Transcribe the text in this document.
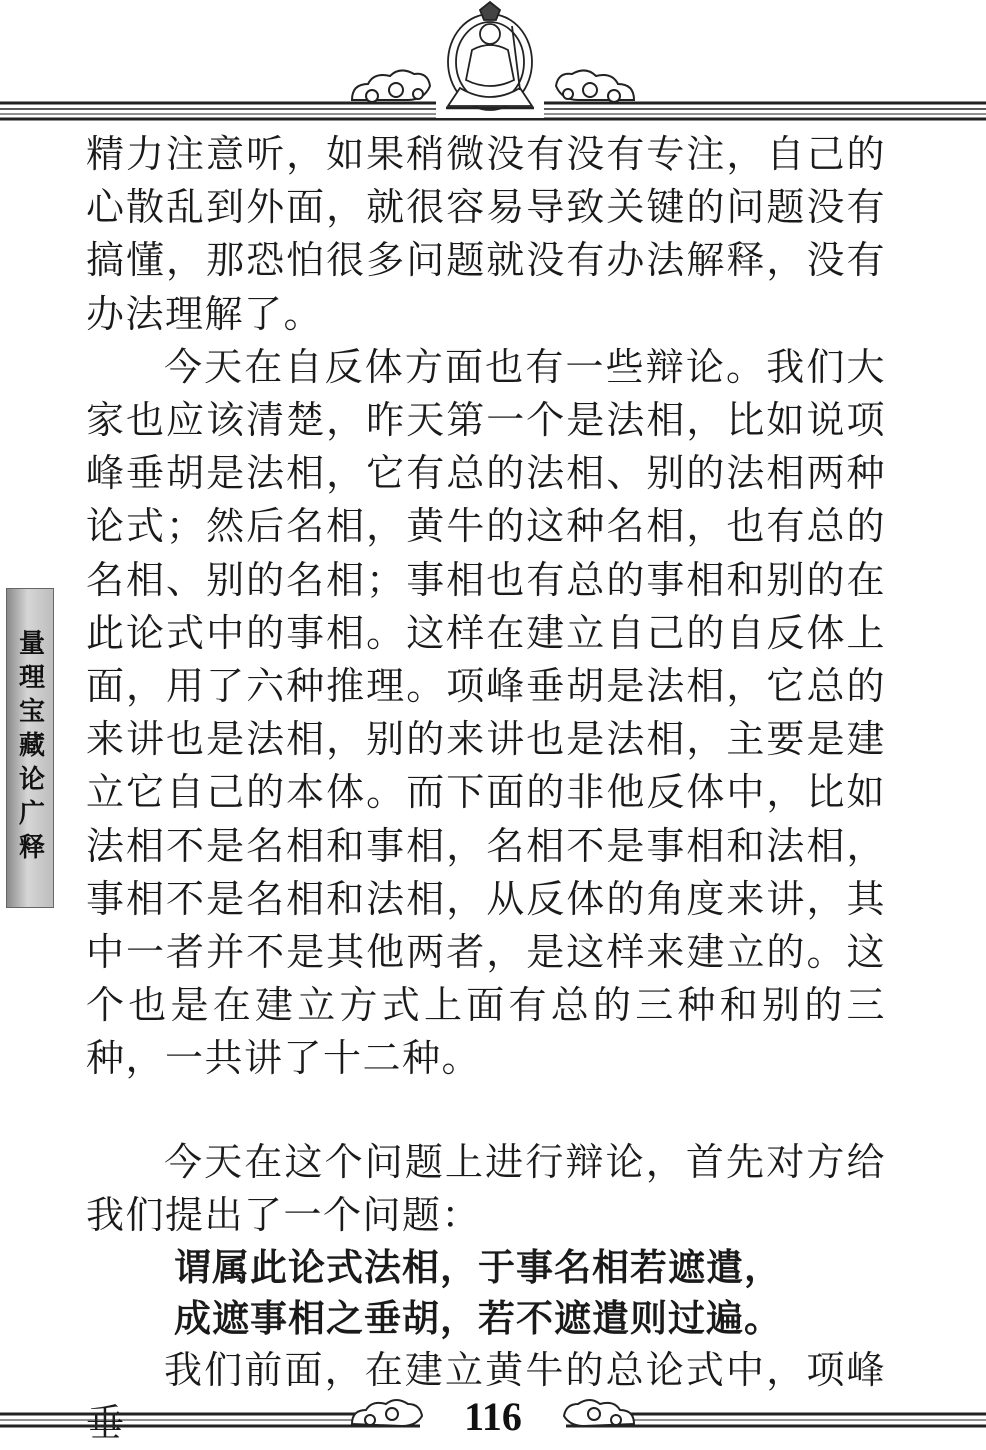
量理宝藏论广释

精力注意听，如果稍微没有没有专注，自己的心散乱到外面，就很容易导致关键的问题没有搞懂，那恐怕很多问题就没有办法解释，没有办法理解了。

今天在自反体方面也有一些辩论。我们大家也应该清楚，昨天第一个是法相，比如说项峰垂胡是法相，它有总的法相、别的法相两种论式；然后名相，黄牛的这种名相，也有总的名相、别的名相；事相也有总的事相和别的在此论式中的事相。这样在建立自己的自反体上面，用了六种推理。项峰垂胡是法相，它总的来讲也是法相，别的来讲也是法相，主要是建立它自己的本体。而下面的非他反体中，比如法相不是名相和事相，名相不是事相和法相，事相不是名相和法相，从反体的角度来讲，其中一者并不是其他两者，是这样来建立的。这个也是在建立方式上面有总的三种和别的三种，一共讲了十二种。

今天在这个问题上进行辩论，首先对方给我们提出了一个问题：

谓属此论式法相，于事名相若遮遣，

成遮事相之垂胡，若不遮遣则过遍。

我们前面，在建立黄牛的总论式中，项峰垂	116
